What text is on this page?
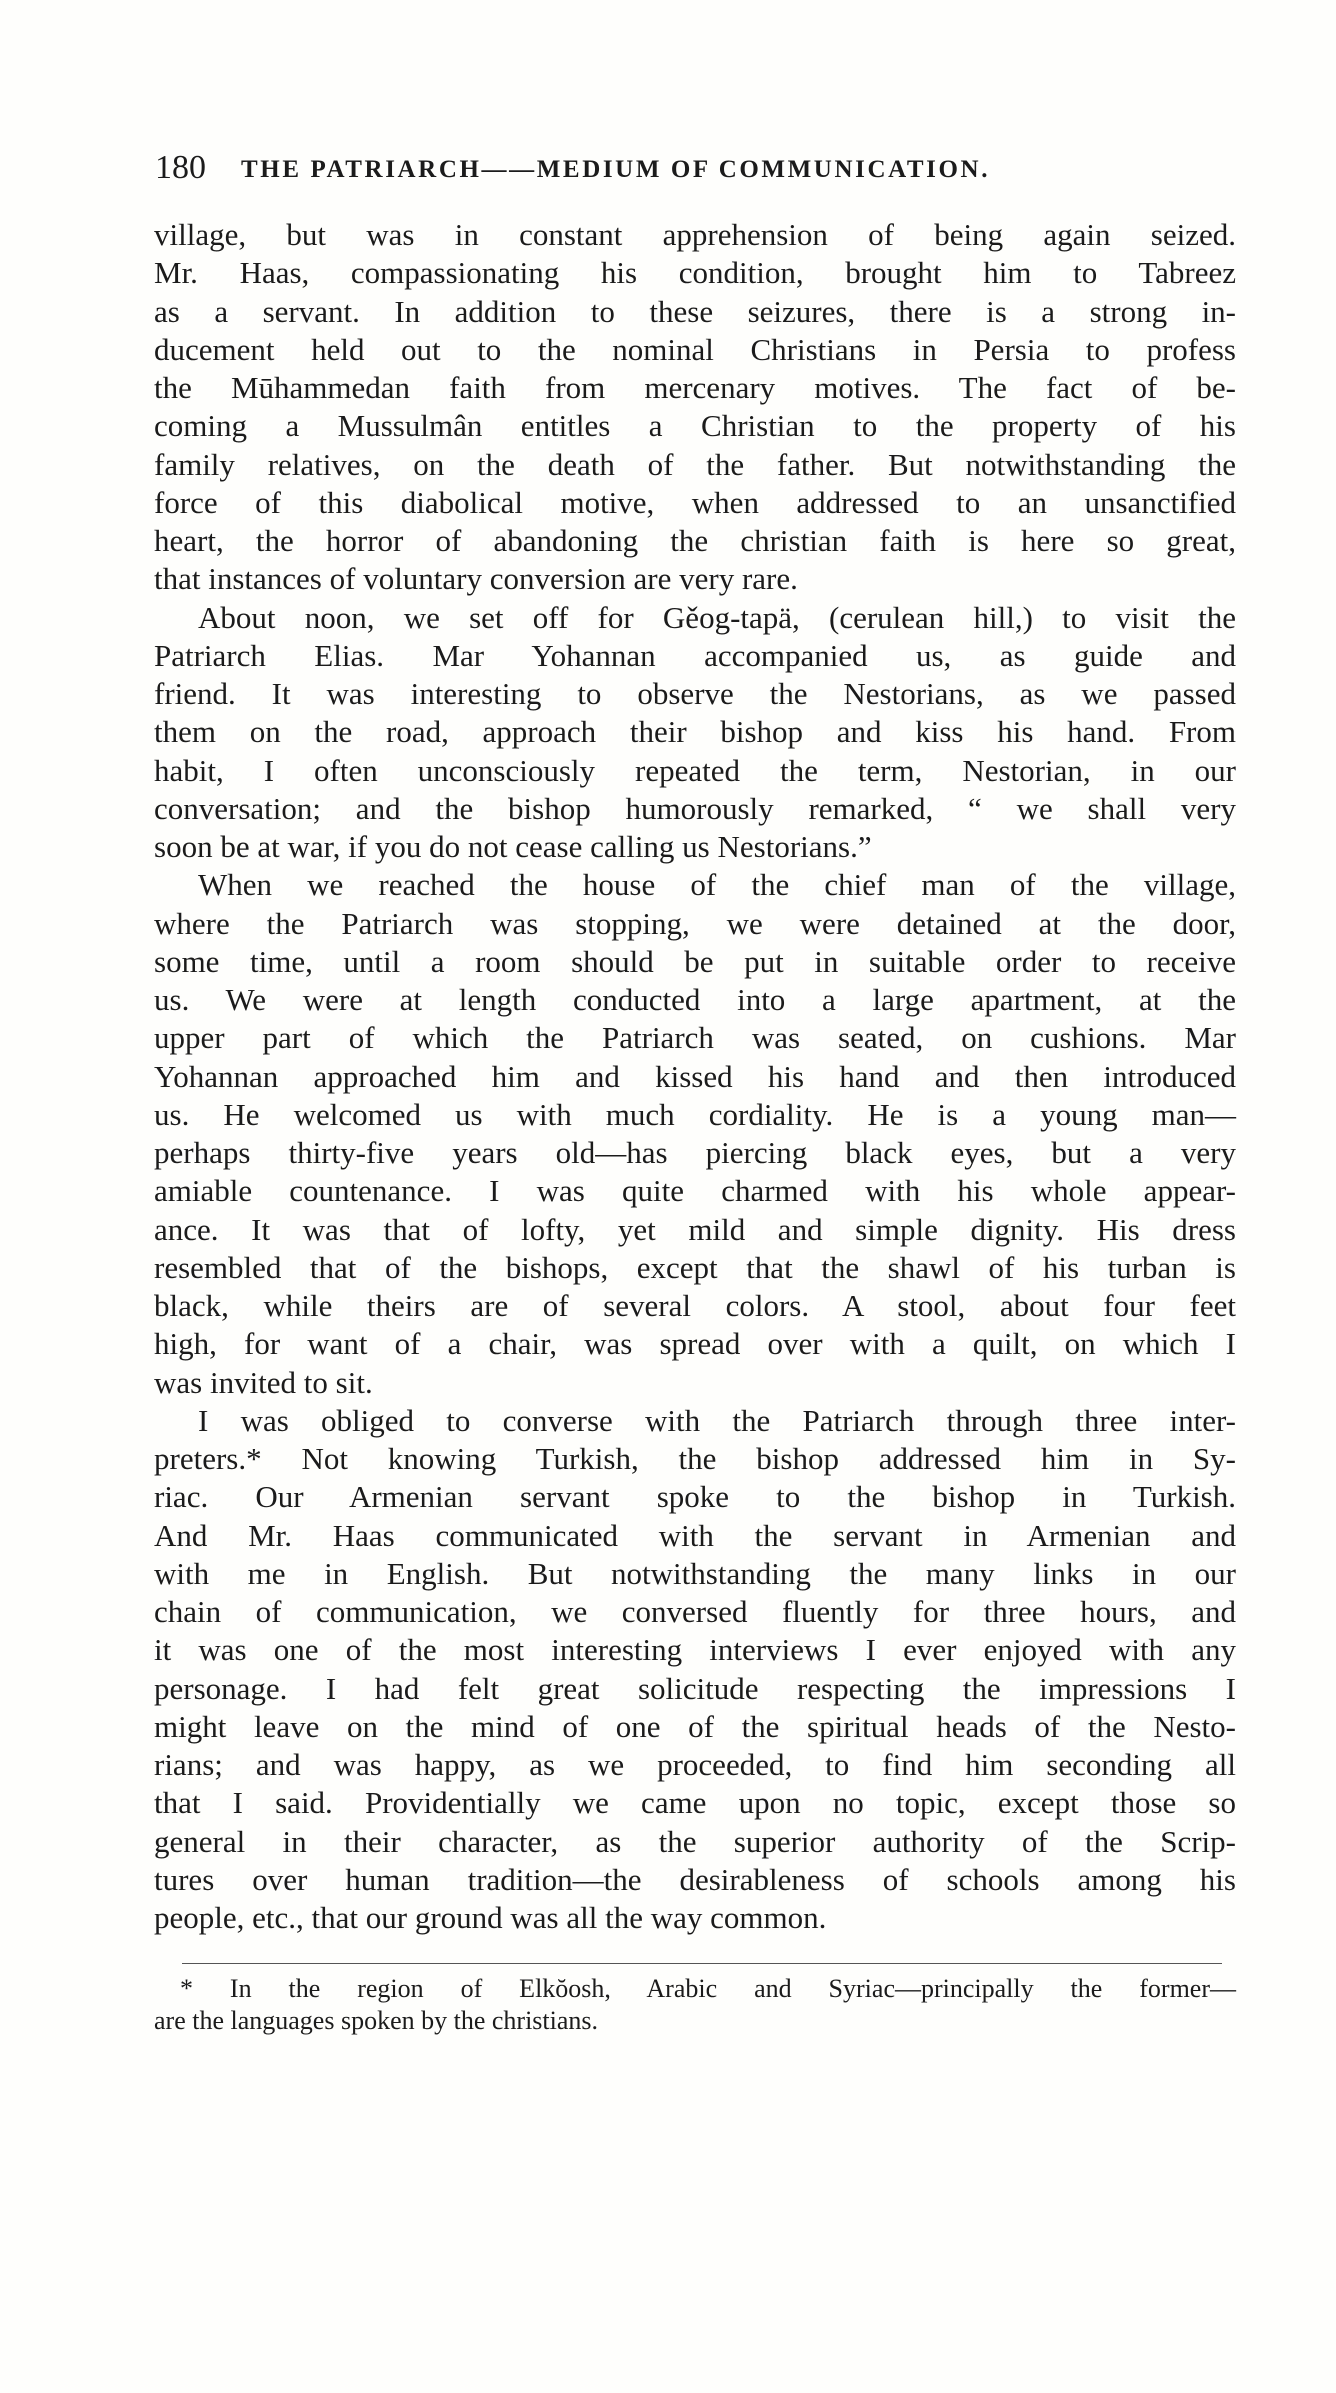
180 THE PATRIARCH——MEDIUM OF COMMUNICATION.
village, but was in constant apprehension of being again seized.
Mr. Haas, compassionating his condition, brought him to Tabreez
as a servant. In addition to these seizures, there is a strong in-
ducement held out to the nominal Christians in Persia to profess
the Mūhammedan faith from mercenary motives. The fact of be-
coming a Mussulmân entitles a Christian to the property of his
family relatives, on the death of the father. But notwithstanding the
force of this diabolical motive, when addressed to an unsanctified
heart, the horror of abandoning the christian faith is here so great,
that instances of voluntary conversion are very rare.
About noon, we set off for Gěog-tapä, (cerulean hill,) to visit the
Patriarch Elias. Mar Yohannan accompanied us, as guide and
friend. It was interesting to observe the Nestorians, as we passed
them on the road, approach their bishop and kiss his hand. From
habit, I often unconsciously repeated the term, Nestorian, in our
conversation; and the bishop humorously remarked, “ we shall very
soon be at war, if you do not cease calling us Nestorians.”
When we reached the house of the chief man of the village,
where the Patriarch was stopping, we were detained at the door,
some time, until a room should be put in suitable order to receive
us. We were at length conducted into a large apartment, at the
upper part of which the Patriarch was seated, on cushions. Mar
Yohannan approached him and kissed his hand and then introduced
us. He welcomed us with much cordiality. He is a young man—
perhaps thirty-five years old—has piercing black eyes, but a very
amiable countenance. I was quite charmed with his whole appear-
ance. It was that of lofty, yet mild and simple dignity. His dress
resembled that of the bishops, except that the shawl of his turban is
black, while theirs are of several colors. A stool, about four feet
high, for want of a chair, was spread over with a quilt, on which I
was invited to sit.
I was obliged to converse with the Patriarch through three inter-
preters.* Not knowing Turkish, the bishop addressed him in Sy-
riac. Our Armenian servant spoke to the bishop in Turkish.
And Mr. Haas communicated with the servant in Armenian and
with me in English. But notwithstanding the many links in our
chain of communication, we conversed fluently for three hours, and
it was one of the most interesting interviews I ever enjoyed with any
personage. I had felt great solicitude respecting the impressions I
might leave on the mind of one of the spiritual heads of the Nesto-
rians; and was happy, as we proceeded, to find him seconding all
that I said. Providentially we came upon no topic, except those so
general in their character, as the superior authority of the Scrip-
tures over human tradition—the desirableness of schools among his
people, etc., that our ground was all the way common.
* In the region of Elkŏosh, Arabic and Syriac—principally the former—
are the languages spoken by the christians.
